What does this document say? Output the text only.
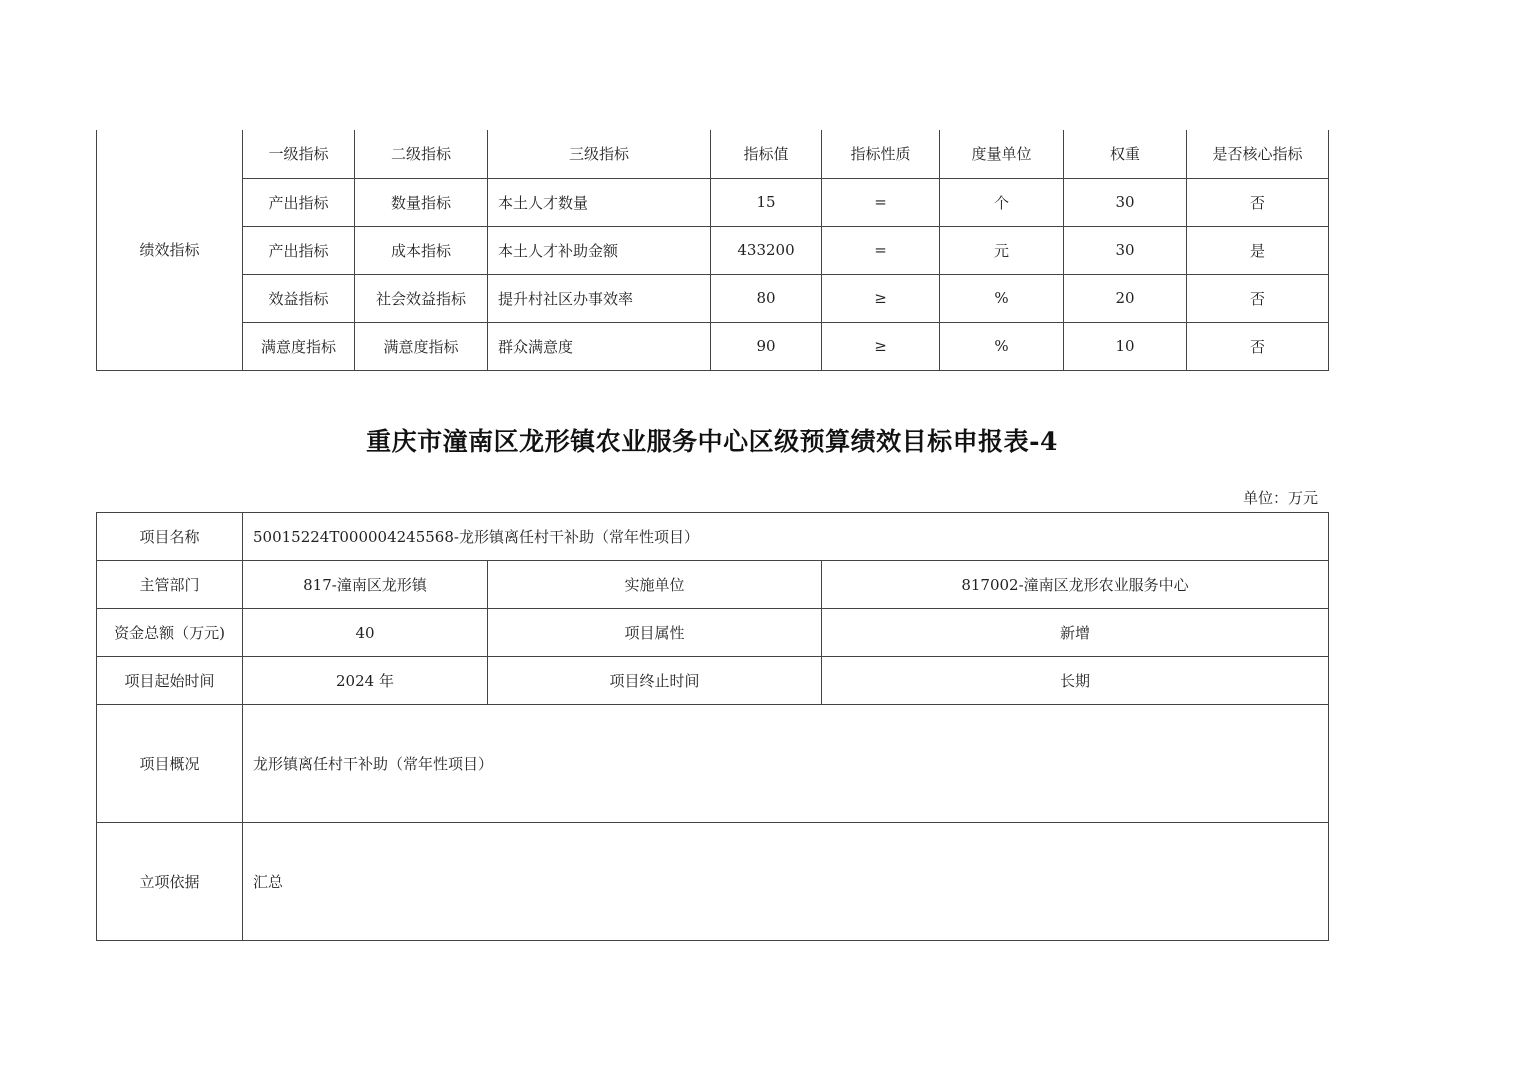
绩效指标	一级指标	二级指标	三级指标	指标值	指标性质	度量单位	权重	是否核心指标
	产出指标	数量指标	本土人才数量	15	=	个	30	否
	产出指标	成本指标	本土人才补助金额	433200	=	元	30	是
	效益指标	社会效益指标	提升村社区办事效率	80	≥	%	20	否
	满意度指标	满意度指标	群众满意度	90	≥	%	10	否
重庆市潼南区龙形镇农业服务中心区级预算绩效目标申报表-4
单位：万元
项目名称	50015224T000004245568-龙形镇离任村干补助（常年性项目）		
主管部门	817-潼南区龙形镇	实施单位	817002-潼南区龙形农业服务中心
资金总额（万元)	40	项目属性	新增
项目起始时间	2024 年	项目终止时间	长期
项目概况	龙形镇离任村干补助（常年性项目）		
立项依据	汇总		
